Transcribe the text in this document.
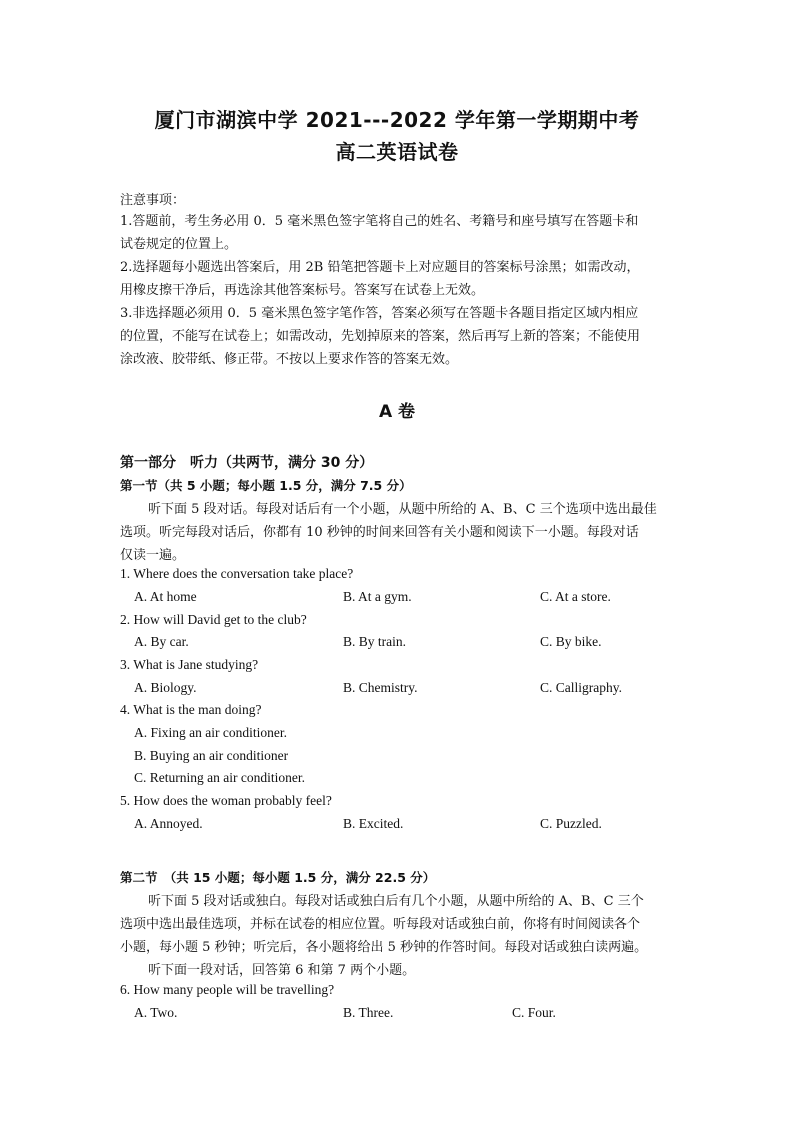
厦门市湖滨中学 2021---2022 学年第一学期期中考
高二英语试卷
注意事项：
1.答题前，考生务必用 0．5 毫米黑色签字笔将自己的姓名、考籍号和座号填写在答题卡和
试卷规定的位置上。
2.选择题每小题选出答案后，用 2B 铅笔把答题卡上对应题目的答案标号涂黑；如需改动，
用橡皮擦干净后，再选涂其他答案标号。答案写在试卷上无效。
3.非选择题必须用 0．5 毫米黑色签字笔作答，答案必须写在答题卡各题目指定区域内相应
的位置，不能写在试卷上；如需改动，先划掉原来的答案，然后再写上新的答案；不能使用
涂改液、胶带纸、修正带。不按以上要求作答的答案无效。
A 卷
第一部分　听力（共两节，满分 30 分）
第一节（共 5 小题；每小题 1.5 分，满分 7.5 分）
听下面 5 段对话。每段对话后有一个小题，从题中所给的 A、B、C 三个选项中选出最佳
选项。听完每段对话后，你都有 10 秒钟的时间来回答有关小题和阅读下一小题。每段对话
仅读一遍。
1. Where does the conversation take place?
A. At home	B. At a gym.	C. At a store.
2. How will David get to the club?
A. By car.	B. By train.	C. By bike.
3. What is Jane studying?
A. Biology.	B. Chemistry.	C. Calligraphy.
4. What is the man doing?
A. Fixing an air conditioner.
B. Buying an air conditioner
C. Returning an air conditioner.
5. How does the woman probably feel?
A. Annoyed.	B. Excited.	C. Puzzled.
第二节　（共 15 小题；每小题 1.5 分，满分 22.5 分）
听下面 5 段对话或独白。每段对话或独白后有几个小题，从题中所给的 A、B、C 三个
选项中选出最佳选项，并标在试卷的相应位置。听每段对话或独白前，你将有时间阅读各个
小题，每小题 5 秒钟；听完后，各小题将给出 5 秒钟的作答时间。每段对话或独白读两遍。
听下面一段对话，回答第 6 和第 7 两个小题。
6. How many people will be travelling?
A. Two.	B. Three.	C. Four.
